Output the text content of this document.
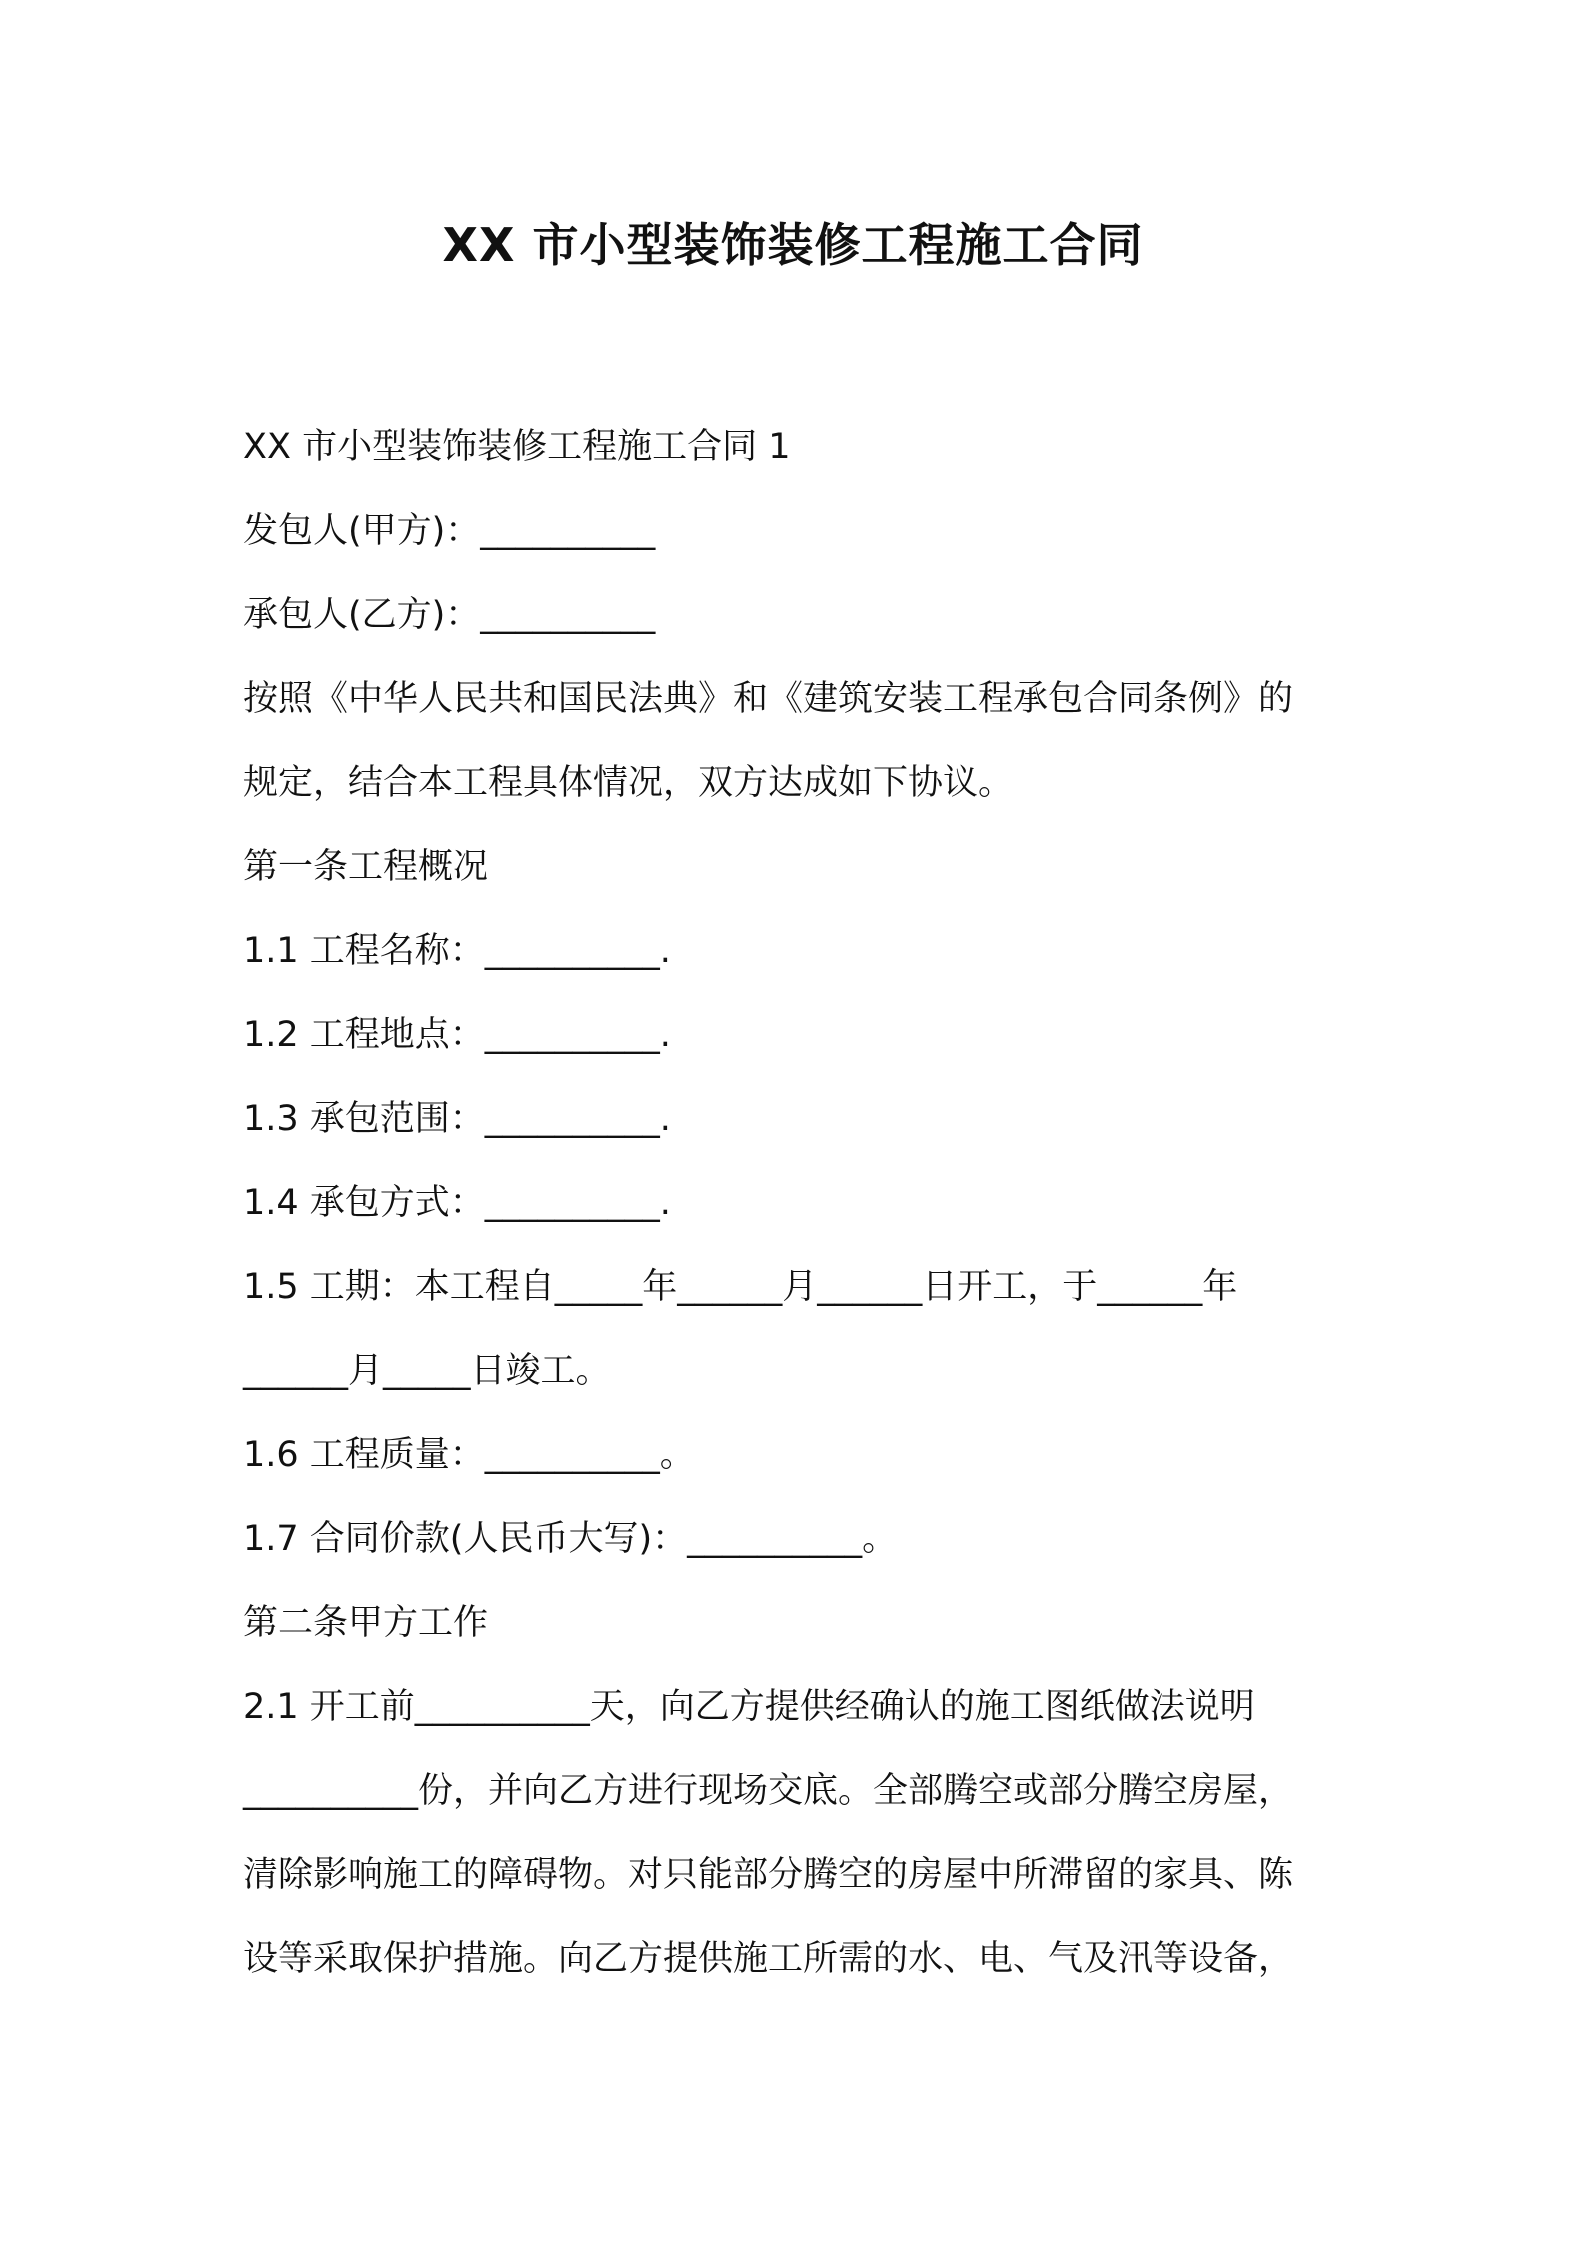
XX 市小型装饰装修工程施工合同

XX 市小型装饰装修工程施工合同 1

发包人(甲方)：__________

承包人(乙方)：__________

按照《中华人民共和国民法典》和《建筑安装工程承包合同条例》的

规定，结合本工程具体情况，双方达成如下协议。

第一条工程概况

1.1 工程名称：__________.

1.2 工程地点：__________.

1.3 承包范围：__________.

1.4 承包方式：__________.

1.5 工期：本工程自_____年______月______日开工，于______年

______月_____日竣工。

1.6 工程质量：__________。

1.7 合同价款(人民币大写)：__________。

第二条甲方工作

2.1 开工前__________天，向乙方提供经确认的施工图纸做法说明

__________份，并向乙方进行现场交底。全部腾空或部分腾空房屋，

清除影响施工的障碍物。对只能部分腾空的房屋中所滞留的家具、陈

设等采取保护措施。向乙方提供施工所需的水、电、气及汛等设备，
